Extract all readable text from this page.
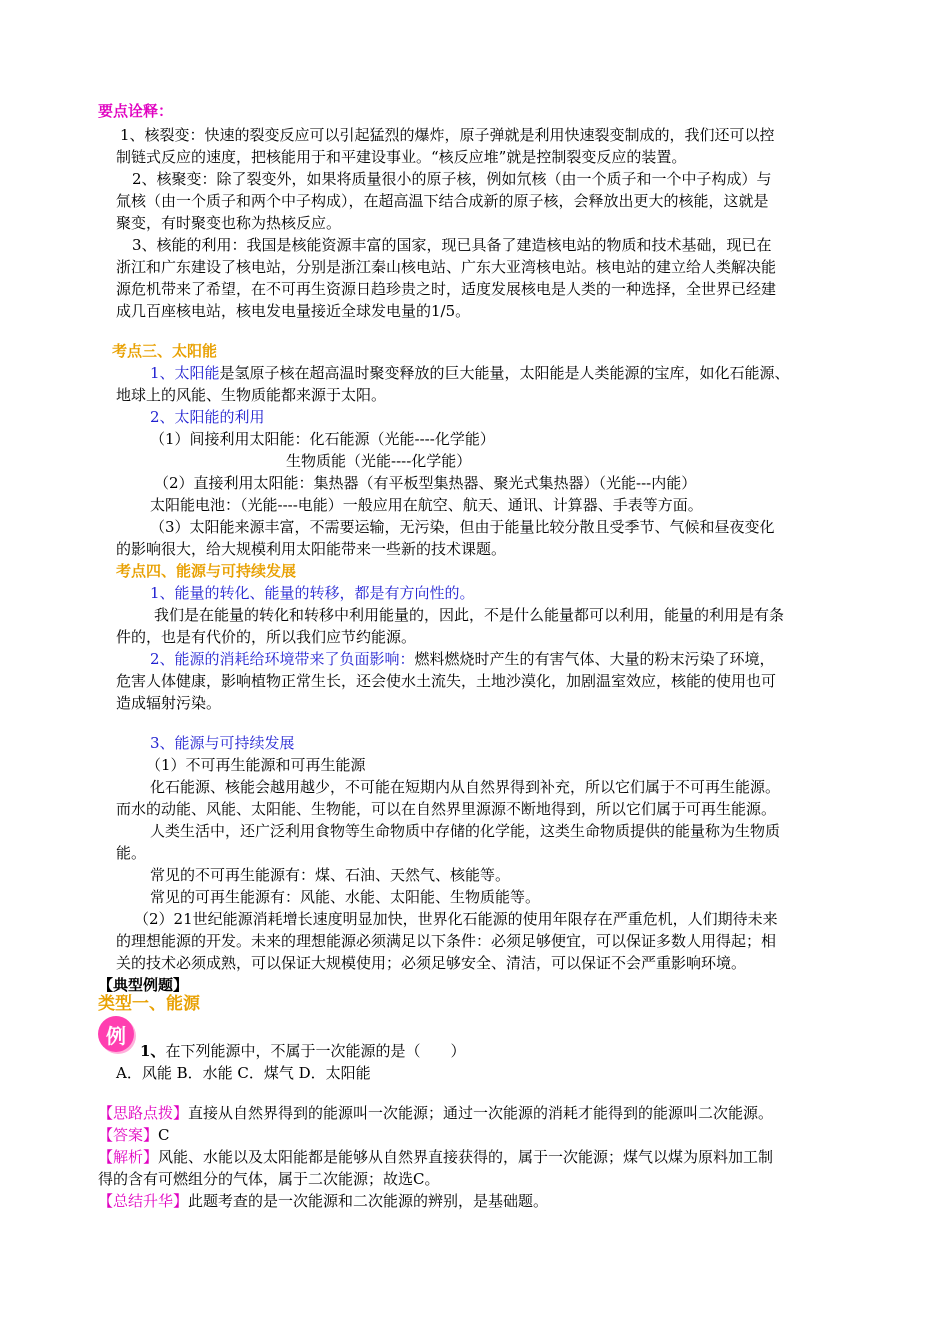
要点诠释：
1、核裂变：快速的裂变反应可以引起猛烈的爆炸，原子弹就是利用快速裂变制成的，我们还可以控
制链式反应的速度，把核能用于和平建设事业。“核反应堆”就是控制裂变反应的装置。
2、核聚变：除了裂变外，如果将质量很小的原子核，例如氘核（由一个质子和一个中子构成）与
氚核（由一个质子和两个中子构成），在超高温下结合成新的原子核，会释放出更大的核能，这就是
聚变，有时聚变也称为热核反应。
3、核能的利用：我国是核能资源丰富的国家，现已具备了建造核电站的物质和技术基础，现已在
浙江和广东建设了核电站，分别是浙江秦山核电站、广东大亚湾核电站。核电站的建立给人类解决能
源危机带来了希望，在不可再生资源日趋珍贵之时，适度发展核电是人类的一种选择，全世界已经建
成几百座核电站，核电发电量接近全球发电量的1/5。
考点三、太阳能
1、太阳能是氢原子核在超高温时聚变释放的巨大能量，太阳能是人类能源的宝库，如化石能源、
地球上的风能、生物质能都来源于太阳。
2、太阳能的利用
（1）间接利用太阳能：化石能源（光能----化学能）
生物质能（光能----化学能）
（2）直接利用太阳能：集热器（有平板型集热器、聚光式集热器）（光能---内能）
太阳能电池：（光能----电能）一般应用在航空、航天、通讯、计算器、手表等方面。
（3）太阳能来源丰富，不需要运输，无污染，但由于能量比较分散且受季节、气候和昼夜变化
的影响很大，给大规模利用太阳能带来一些新的技术课题。
考点四、能源与可持续发展
1、能量的转化、能量的转移，都是有方向性的。
我们是在能量的转化和转移中利用能量的，因此，不是什么能量都可以利用，能量的利用是有条
件的，也是有代价的，所以我们应节约能源。
2、能源的消耗给环境带来了负面影响：燃料燃烧时产生的有害气体、大量的粉末污染了环境，
危害人体健康，影响植物正常生长，还会使水土流失，土地沙漠化，加剧温室效应，核能的使用也可
造成辐射污染。
3、能源与可持续发展
（1）不可再生能源和可再生能源
化石能源、核能会越用越少，不可能在短期内从自然界得到补充，所以它们属于不可再生能源。
而水的动能、风能、太阳能、生物能，可以在自然界里源源不断地得到，所以它们属于可再生能源。
人类生活中，还广泛利用食物等生命物质中存储的化学能，这类生命物质提供的能量称为生物质
能。
常见的不可再生能源有：煤、石油、天然气、核能等。
常见的可再生能源有：风能、水能、太阳能、生物质能等。
（2）21世纪能源消耗增长速度明显加快，世界化石能源的使用年限存在严重危机，人们期待未来
的理想能源的开发。未来的理想能源必须满足以下条件：必须足够便宜，可以保证多数人用得起；相
关的技术必须成熟，可以保证大规模使用；必须足够安全、清洁，可以保证不会严重影响环境。
【典型例题】
类型一、能源
例
1、在下列能源中，不属于一次能源的是（　　）
A．风能 B．水能 C．煤气 D．太阳能
【思路点拨】直接从自然界得到的能源叫一次能源；通过一次能源的消耗才能得到的能源叫二次能源。
【答案】C
【解析】风能、水能以及太阳能都是能够从自然界直接获得的，属于一次能源；煤气以煤为原料加工制
得的含有可燃组分的气体，属于二次能源；故选C。
【总结升华】此题考查的是一次能源和二次能源的辨别，是基础题。
